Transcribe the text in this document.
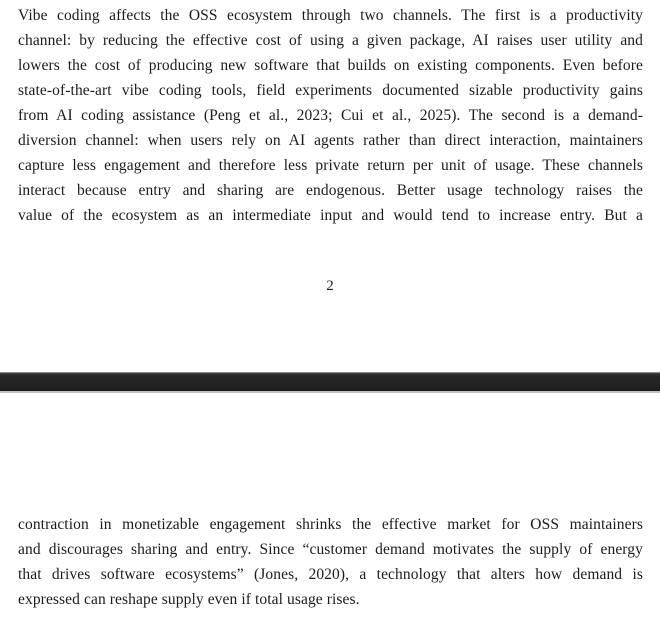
Vibe coding affects the OSS ecosystem through two channels. The first is a productivity
channel: by reducing the effective cost of using a given package, AI raises user utility and
lowers the cost of producing new software that builds on existing components. Even before
state-of-the-art vibe coding tools, field experiments documented sizable productivity gains
from AI coding assistance (Peng et al., 2023; Cui et al., 2025). The second is a demand-
diversion channel: when users rely on AI agents rather than direct interaction, maintainers
capture less engagement and therefore less private return per unit of usage. These channels
interact because entry and sharing are endogenous. Better usage technology raises the
value of the ecosystem as an intermediate input and would tend to increase entry. But a
2
contraction in monetizable engagement shrinks the effective market for OSS maintainers
and discourages sharing and entry. Since “customer demand motivates the supply of energy
that drives software ecosystems” (Jones, 2020), a technology that alters how demand is
expressed can reshape supply even if total usage rises.
